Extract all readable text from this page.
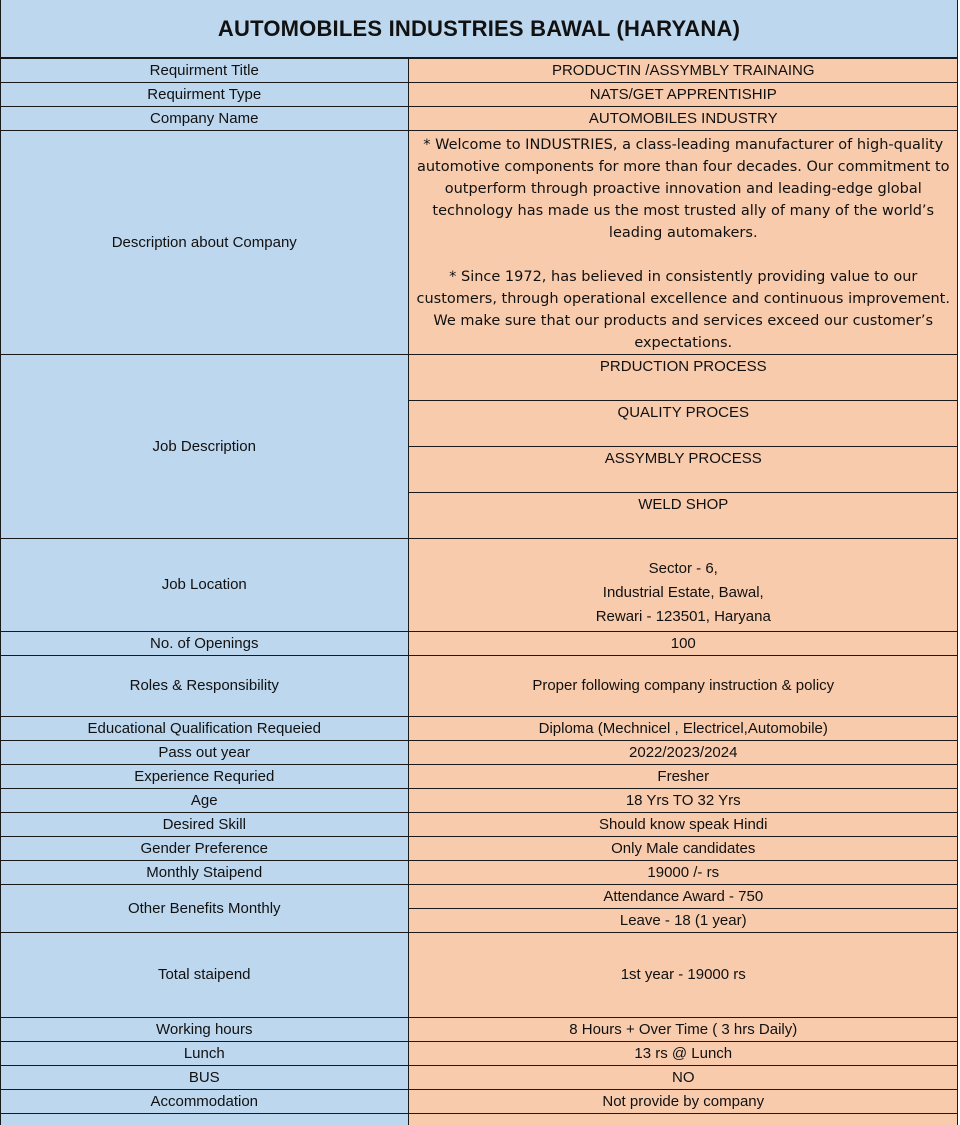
AUTOMOBILES INDUSTRIES BAWAL (HARYANA)
Requirment Title	PRODUCTIN /ASSYMBLY TRAINAING
Requirment Type	NATS/GET APPRENTISHIP
Company Name	AUTOMOBILES INDUSTRY
Description about Company	* Welcome to INDUSTRIES, a class-leading manufacturer of high-quality automotive components for more than four decades. Our commitment to outperform through proactive innovation and leading-edge global technology has made us the most trusted ally of many of the world’s leading automakers.

* Since 1972, has believed in consistently providing value to our customers, through operational excellence and continuous improvement. We make sure that our products and services exceed our customer’s expectations.

Job Description	PRDUCTION PROCESS
	QUALITY PROCES
	ASSYMBLY PROCESS
	WELD SHOP
Job Location	Sector - 6,
Industrial Estate, Bawal,
Rewari - 123501, Haryana

No. of Openings	100
Roles & Responsibility	Proper following company instruction & policy
Educational Qualification Requeied	Diploma (Mechnicel , Electricel,Automobile)
Pass out year	2022/2023/2024
Experience Requried	Fresher
Age	18 Yrs TO 32 Yrs
Desired Skill	Should know speak Hindi
Gender Preference	Only Male candidates
Monthly Staipend	19000 /- rs
Other Benefits Monthly	Attendance Award - 750
	Leave - 18 (1 year)
Total staipend	1st year - 19000 rs
Working hours	8 Hours + Over Time ( 3 hrs Daily)
Lunch	13 rs @ Lunch
BUS	NO
Accommodation	Not provide by company
